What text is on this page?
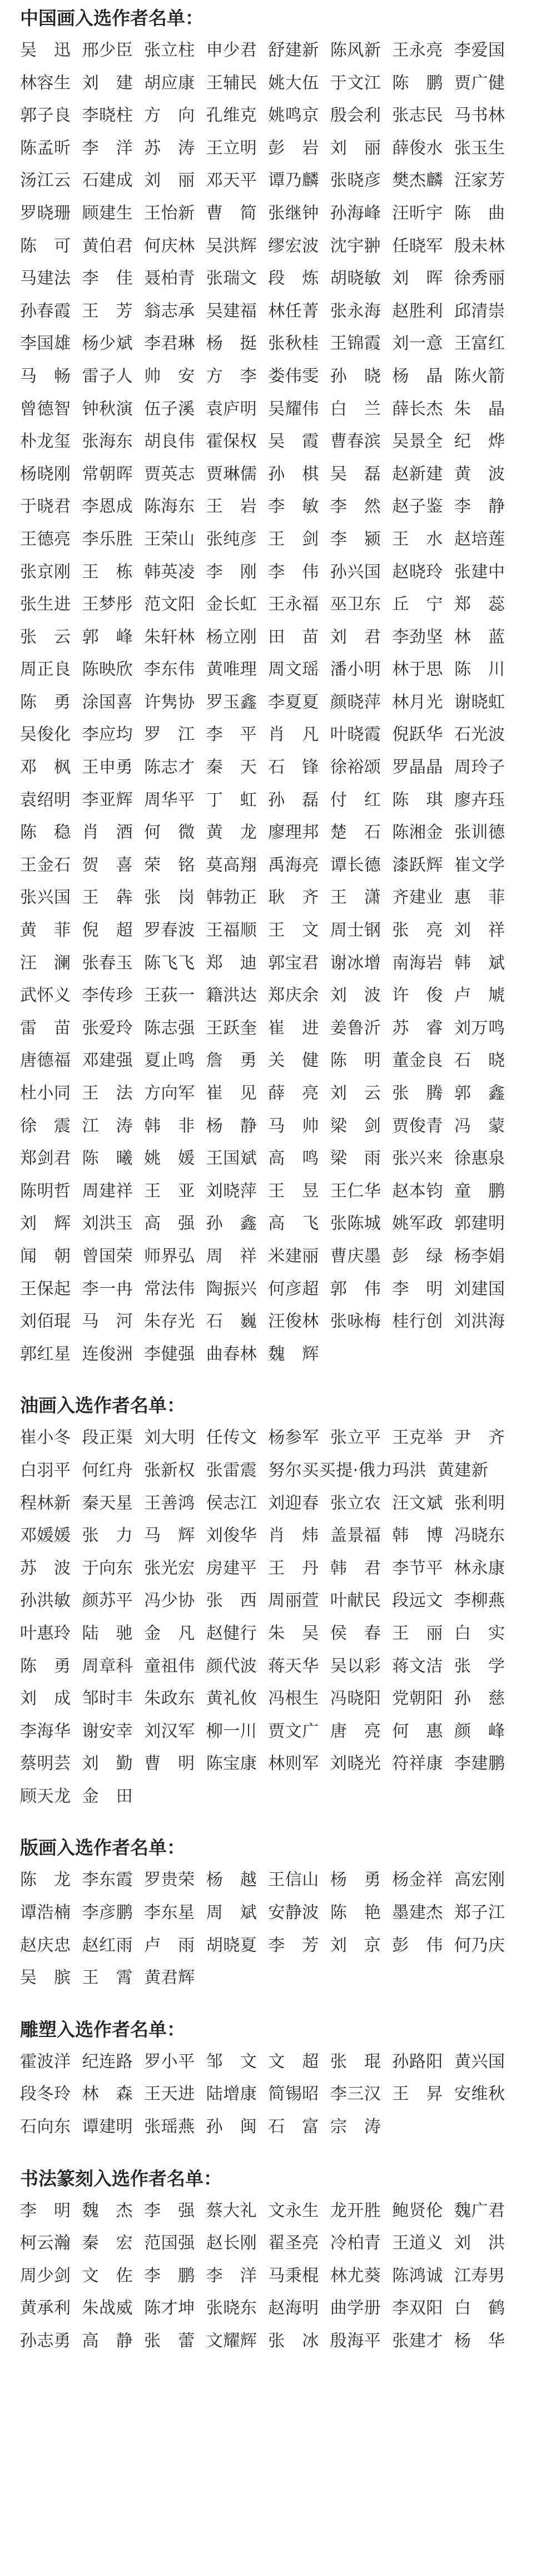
中国画入选作者名单：
吴　迅  邢少臣  张立柱  申少君  舒建新  陈风新  王永亮  李爱国
林容生  刘　建  胡应康  王辅民  姚大伍  于文江  陈　鹏  贾广健
郭子良  李晓柱  方　向  孔维克  姚鸣京  殷会利  张志民  马书林
陈孟昕  李　洋  苏　涛  王立明  彭　岩  刘　丽  薛俊水  张玉生
汤江云  石建成  刘　丽  邓天平  谭乃麟  张晓彦  樊杰麟  汪家芳
罗晓珊  顾建生  王怡新  曹　简  张继钟  孙海峰  汪昕宇  陈　曲
陈　可  黄伯君  何庆林  吴洪辉  缪宏波  沈宇翀  任晓军  殷未林
马建法  李　佳  聂柏青  张瑞文  段　炼  胡晓敏  刘　晖  徐秀丽
孙春霞  王　芳  翁志承  吴建福  林任菁  张永海  赵胜利  邱清崇
李国雄  杨少斌  李君琳  杨　挺  张秋桂  王锦霞  刘一意  王富红
马　畅  雷子人  帅　安  方　李  娄伟雯  孙　晓  杨　晶  陈火箭
曾德智  钟秋演  伍子溪  袁庐明  吴耀伟  白　兰  薛长杰  朱　晶
朴龙玺  张海东  胡良伟  霍保权  吴　霞  曹春滨  吴景全  纪　烨
杨晓刚  常朝晖  贾英志  贾琳儒  孙　棋  吴　磊  赵新建  黄　波
于晓君  李恩成  陈海东  王　岩  李　敏  李　然  赵子鉴  李　静
王德亮  李乐胜  王荣山  张纯彦  王　剑  李　颍  王　水  赵培莲
张京刚  王　栋  韩英凌  李　刚  李　伟  孙兴国  赵晓玲  张建中
张生进  王梦彤  范文阳  金长虹  王永福  巫卫东  丘　宁  郑　蕊
张　云  郭　峰  朱轩林  杨立刚  田　苗  刘　君  李劲坚  林　蓝
周正良  陈映欣  李东伟  黄唯理  周文瑶  潘小明  林于思  陈　川
陈　勇  涂国喜  许隽协  罗玉鑫  李夏夏  颜晓萍  林月光  谢晓虹
吴俊化  李应均  罗　江  李　平  肖　凡  叶晓霞  倪跃华  石光波
邓　枫  王申勇  陈志才  秦　天  石　锋  徐裕颂  罗晶晶  周玲子
袁绍明  李亚辉  周华平  丁　虹  孙　磊  付　红  陈　琪  廖卉珏
陈　稳  肖　酒  何　微  黄　龙  廖理邦  楚　石  陈湘金  张训德
王金石  贺　喜  荣　铭  莫高翔  禹海亮  谭长德  漆跃辉  崔文学
张兴国  王　犇  张　岗  韩勃正  耿　齐  王　潇  齐建业  惠　菲
黄　菲  倪　超  罗春波  王福顺  王　文  周士钢  张　亮  刘　祥
汪　澜  张春玉  陈飞飞  郑　迪  郭宝君  谢冰增  南海岩  韩　斌
武怀义  李传珍  王荻一  籍洪达  郑庆余  刘　波  许　俊  卢　虓
雷　苗  张爱玲  陈志强  王跃奎  崔　进  姜鲁沂  苏　睿  刘万鸣
唐德福  邓建强  夏止鸣  詹　勇  关　健  陈　明  董金良  石　晓
杜小同  王　法  方向军  崔　见  薛　亮  刘　云  张　腾  郭　鑫
徐　震  江　涛  韩　非  杨　静  马　帅  梁　剑  贾俊青  冯　蒙
郑剑君  陈　曦  姚　媛  王国斌  高　鸣  梁　雨  张兴来  徐惠泉
陈明哲  周建祥  王　亚  刘晓萍  王　昱  王仁华  赵本钧  童　鹏
刘　辉  刘洪玉  高　强  孙　鑫  高　飞  张陈城  姚军政  郭建明
闻　朝  曾国荣  师界弘  周　祥  米建丽  曹庆墨  彭　绿  杨李娟
王保起  李一冉  常法伟  陶振兴  何彦超  郭　伟  李　明  刘建国
刘佰琨  马　河  朱存光  石　巍  汪俊林  张咏梅  桂行创  刘洪海
郭红星  连俊洲  李健强  曲春林  魏　辉
油画入选作者名单：
崔小冬  段正渠  刘大明  任传文  杨参军  张立平  王克举  尹　齐
白羽平  何红舟  张新权  张雷震  努尔买买提·俄力玛洪  黄建新
程林新  秦天星  王善鸿  侯志江  刘迎春  张立农  汪文斌  张利明
邓媛媛  张　力  马　辉  刘俊华  肖　炜  盖景福  韩　博  冯晓东
苏　波  于向东  张光宏  房建平  王　丹  韩　君  李节平  林永康
孙洪敏  颜苏平  冯少协  张　西  周丽萱  叶献民  段远文  李柳燕
叶惠玲  陆　驰  金　凡  赵健行  朱　吴  侯　春  王　丽  白　实
陈　勇  周章科  童祖伟  颜代波  蒋天华  吴以彩  蒋文洁  张　学
刘　成  邹时丰  朱政东  黄礼攸  冯根生  冯晓阳  党朝阳  孙　慈
李海华  谢安幸  刘汉军  柳一川  贾文广  唐　亮  何　惠  颜　峰
蔡明芸  刘　勤  曹　明  陈宝康  林则军  刘晓光  符祥康  李建鹏
顾天龙  金　田
版画入选作者名单：
陈　龙  李东霞  罗贵荣  杨　越  王信山  杨　勇  杨金祥  高宏刚
谭浩楠  李彦鹏  李东星  周　斌  安静波  陈　艳  墨建杰  郑子江
赵庆忠  赵红雨  卢　雨  胡晓夏  李　芳  刘　京  彭　伟  何乃庆
吴　膑  王　霄  黄君辉
雕塑入选作者名单：
霍波洋  纪连路  罗小平  邹　文  文　超  张　琨  孙路阳  黄兴国
段冬玲  林　森  王天进  陆增康  简锡昭  李三汉  王　昇  安维秋
石向东  谭建明  张瑶燕  孙　闽  石　富  宗　涛
书法篆刻入选作者名单：
李　明  魏　杰  李　强  蔡大礼  文永生  龙开胜  鲍贤伦  魏广君
柯云瀚  秦　宏  范国强  赵长刚  翟圣亮  冷柏青  王道义  刘　洪
周少剑  文　佐  李　鹏  李　洋  马秉棍  林尤葵  陈鸿诚  江寿男
黄承利  朱战威  陈才坤  张晓东  赵海明  曲学册  李双阳  白　鹤
孙志勇  高　静  张　蕾  文耀辉  张　冰  殷海平  张建才  杨　华
